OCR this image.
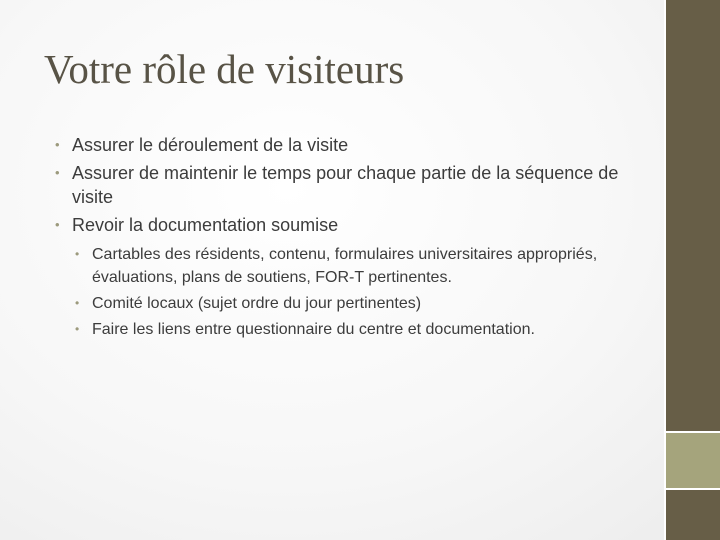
Votre rôle de visiteurs
• Assurer le déroulement de la visite
• Assurer de maintenir le temps pour chaque partie de la séquence de visite
• Revoir la documentation soumise
• Cartables des résidents, contenu, formulaires universitaires appropriés, évaluations, plans de soutiens, FOR-T pertinentes.
• Comité locaux (sujet ordre du jour pertinentes)
• Faire les liens entre questionnaire du centre et documentation.
